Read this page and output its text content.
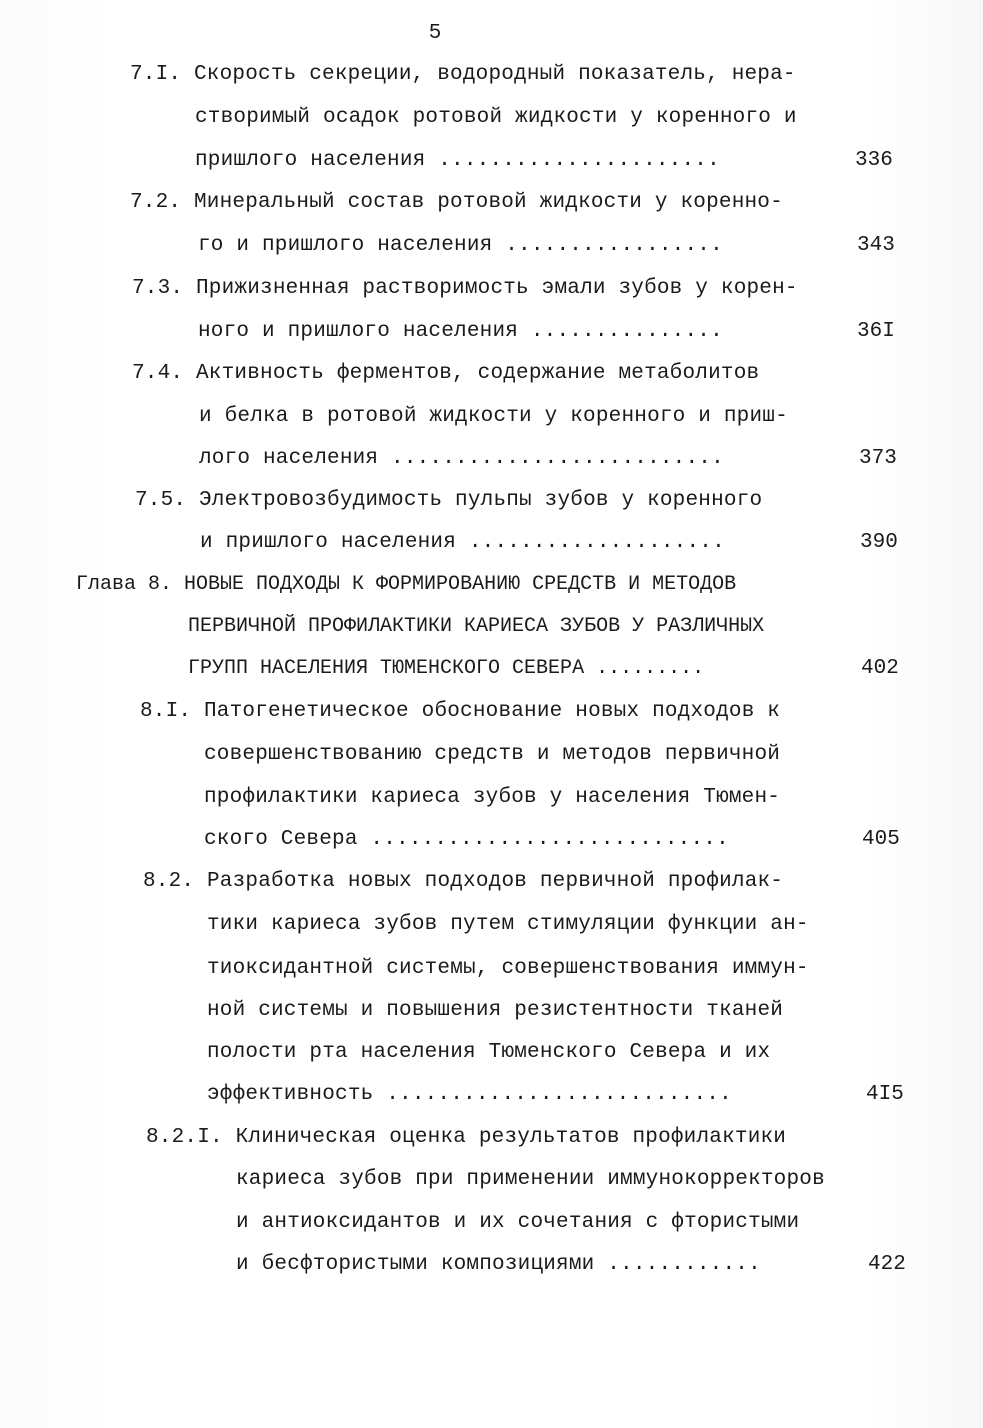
5
7.I. Скорость секреции, водородный показатель, нера-
створимый осадок ротовой жидкости у коренного и
пришлого населения ......................	336
7.2. Минеральный состав ротовой жидкости у коренно-
го и пришлого населения .................	343
7.3. Прижизненная растворимость эмали зубов у корен-
ного и пришлого населения ...............	36I
7.4. Активность ферментов, содержание метаболитов
и белка в ротовой жидкости у коренного и приш-
лого населения ..........................	373
7.5. Электровозбудимость пульпы зубов у коренного
и пришлого населения ....................	390
Глава 8. НОВЫЕ ПОДХОДЫ К ФОРМИРОВАНИЮ СРЕДСТВ И МЕТОДОВ
ПЕРВИЧНОЙ ПРОФИЛАКТИКИ КАРИЕСА ЗУБОВ У РАЗЛИЧНЫХ
ГРУПП НАСЕЛЕНИЯ ТЮМЕНСКОГО СЕВЕРА .........	402
8.I. Патогенетическое обоснование новых подходов к
совершенствованию средств и методов первичной
профилактики кариеса зубов у населения Тюмен-
ского Севера ............................	405
8.2. Разработка новых подходов первичной профилак-
тики кариеса зубов путем стимуляции функции ан-
тиоксидантной системы, совершенствования иммун-
ной системы и повышения резистентности тканей
полости рта населения Тюменского Севера и их
эффективность ...........................	4I5
8.2.I. Клиническая оценка результатов профилактики
кариеса зубов при применении иммунокорректоров
и антиоксидантов и их сочетания с фтористыми
и бесфтористыми композициями ............	422
